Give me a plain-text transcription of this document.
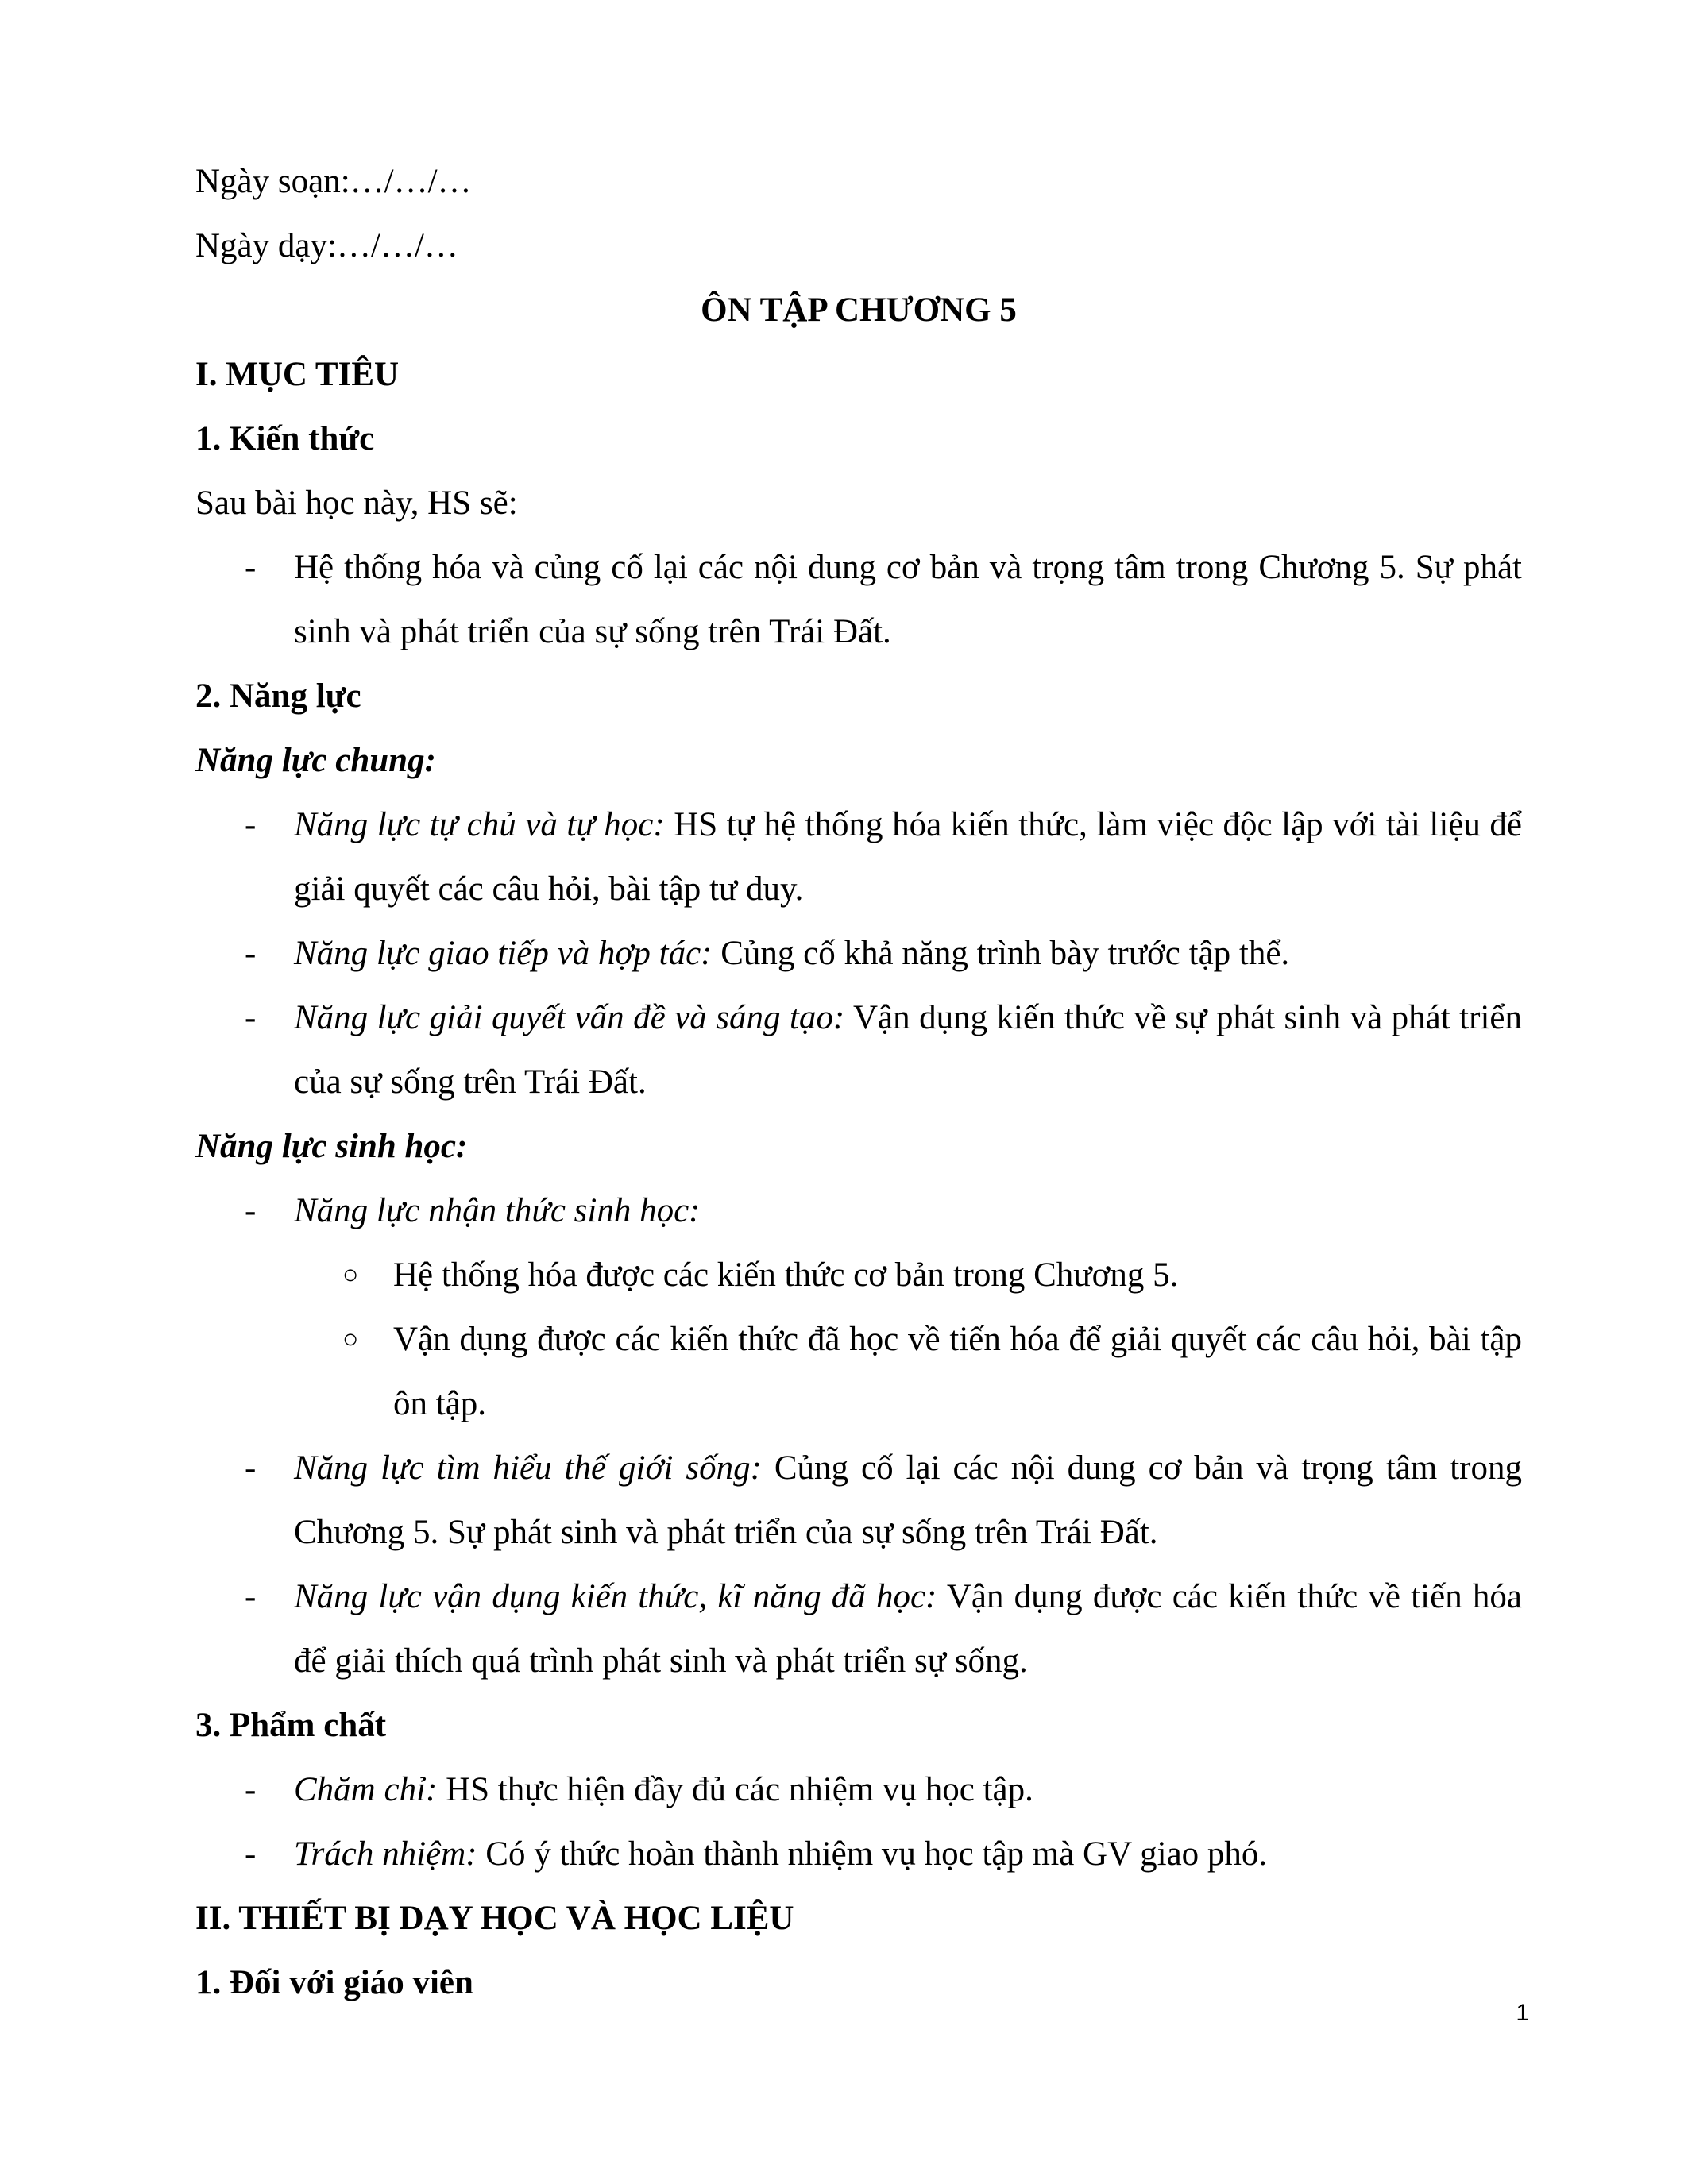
Ngày soạn:…/…/…

Ngày dạy:…/…/…

ÔN TẬP CHƯƠNG 5

I. MỤC TIÊU

1. Kiến thức

Sau bài học này, HS sẽ:

- Hệ thống hóa và củng cố lại các nội dung cơ bản và trọng tâm trong Chương 5. Sự phát sinh và phát triển của sự sống trên Trái Đất.

2. Năng lực

Năng lực chung:

- Năng lực tự chủ và tự học: HS tự hệ thống hóa kiến thức, làm việc độc lập với tài liệu để giải quyết các câu hỏi, bài tập tư duy.
- Năng lực giao tiếp và hợp tác: Củng cố khả năng trình bày trước tập thể.
- Năng lực giải quyết vấn đề và sáng tạo: Vận dụng kiến thức về sự phát sinh và phát triển của sự sống trên Trái Đất.

Năng lực sinh học:

- Năng lực nhận thức sinh học:
○ Hệ thống hóa được các kiến thức cơ bản trong Chương 5.
○ Vận dụng được các kiến thức đã học về tiến hóa để giải quyết các câu hỏi, bài tập ôn tập.
- Năng lực tìm hiểu thế giới sống: Củng cố lại các nội dung cơ bản và trọng tâm trong Chương 5. Sự phát sinh và phát triển của sự sống trên Trái Đất.
- Năng lực vận dụng kiến thức, kĩ năng đã học: Vận dụng được các kiến thức về tiến hóa để giải thích quá trình phát sinh và phát triển sự sống.

3. Phẩm chất

- Chăm chỉ: HS thực hiện đầy đủ các nhiệm vụ học tập.
- Trách nhiệm: Có ý thức hoàn thành nhiệm vụ học tập mà GV giao phó.

II. THIẾT BỊ DẠY HỌC VÀ HỌC LIỆU

1. Đối với giáo viên

1
